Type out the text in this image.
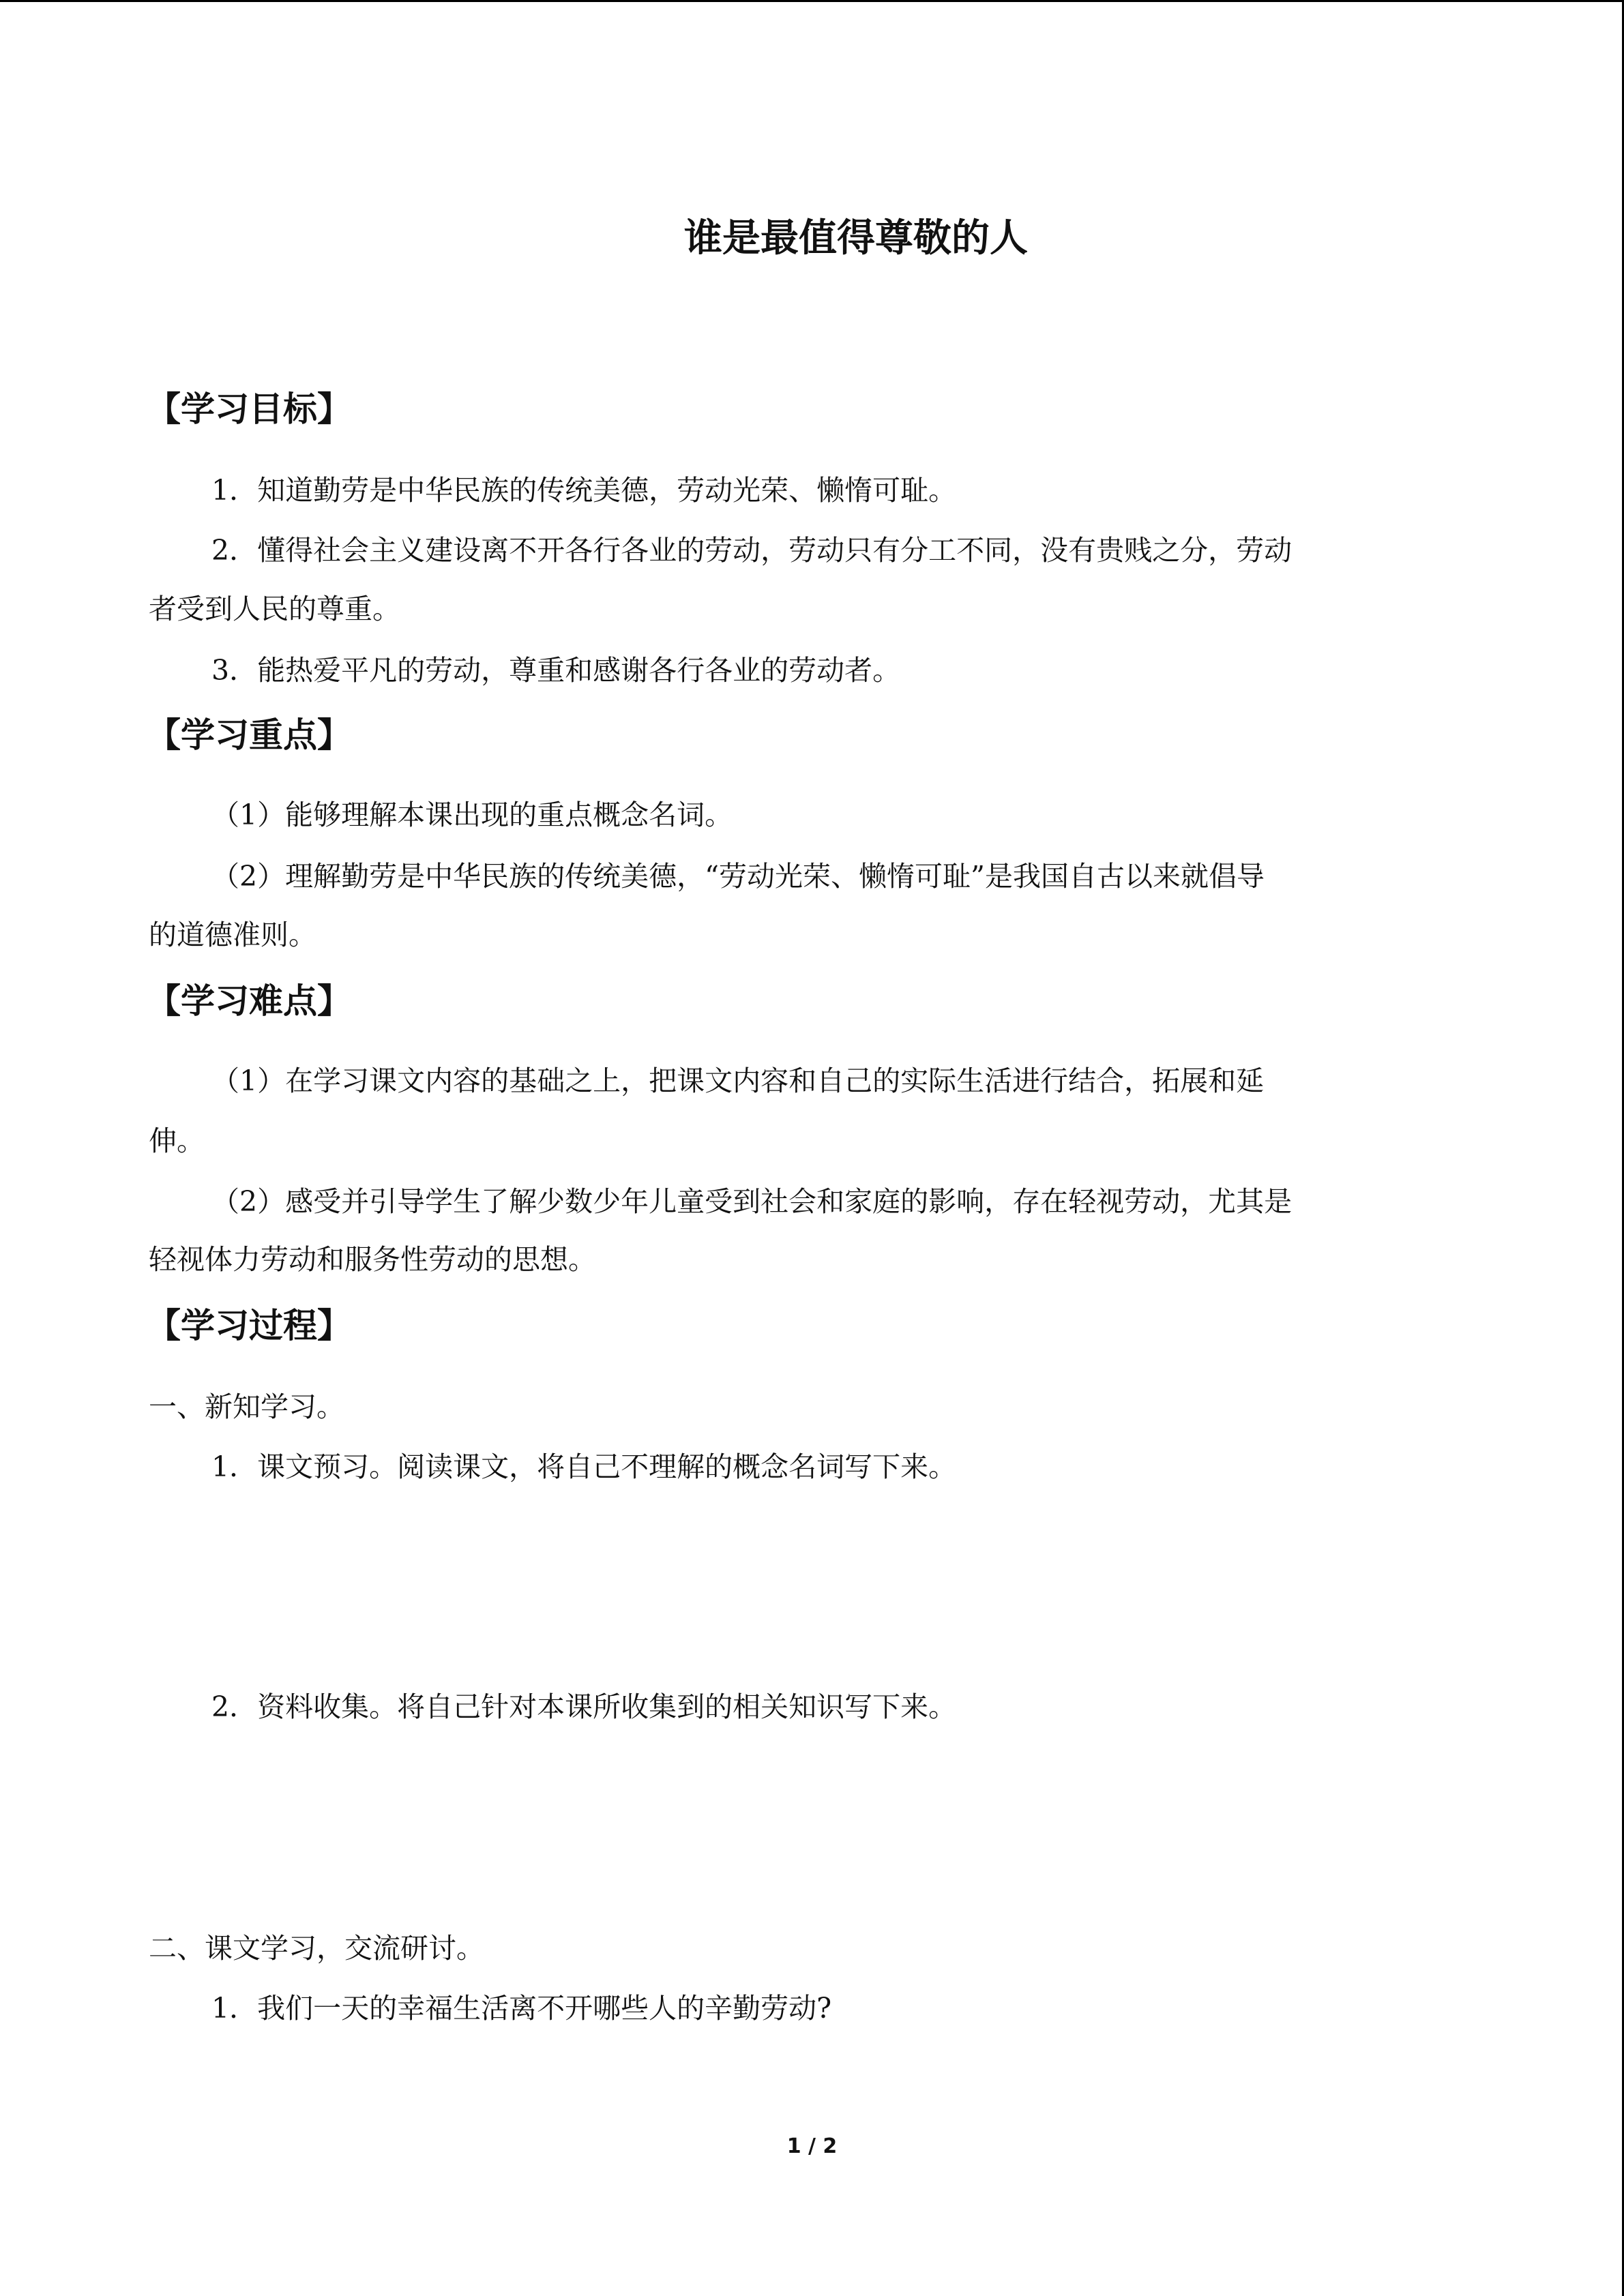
谁是最值得尊敬的人
【学习目标】
1．知道勤劳是中华民族的传统美德，劳动光荣、懒惰可耻。
2．懂得社会主义建设离不开各行各业的劳动，劳动只有分工不同，没有贵贱之分，劳动
者受到人民的尊重。
3．能热爱平凡的劳动，尊重和感谢各行各业的劳动者。
【学习重点】
（1）能够理解本课出现的重点概念名词。
（2）理解勤劳是中华民族的传统美德，“劳动光荣、懒惰可耻”是我国自古以来就倡导
的道德准则。
【学习难点】
（1）在学习课文内容的基础之上，把课文内容和自己的实际生活进行结合，拓展和延
伸。
（2）感受并引导学生了解少数少年儿童受到社会和家庭的影响，存在轻视劳动，尤其是
轻视体力劳动和服务性劳动的思想。
【学习过程】
一、新知学习。
1．课文预习。阅读课文，将自己不理解的概念名词写下来。
2．资料收集。将自己针对本课所收集到的相关知识写下来。
二、课文学习，交流研讨。
1．我们一天的幸福生活离不开哪些人的辛勤劳动?
1 / 2
